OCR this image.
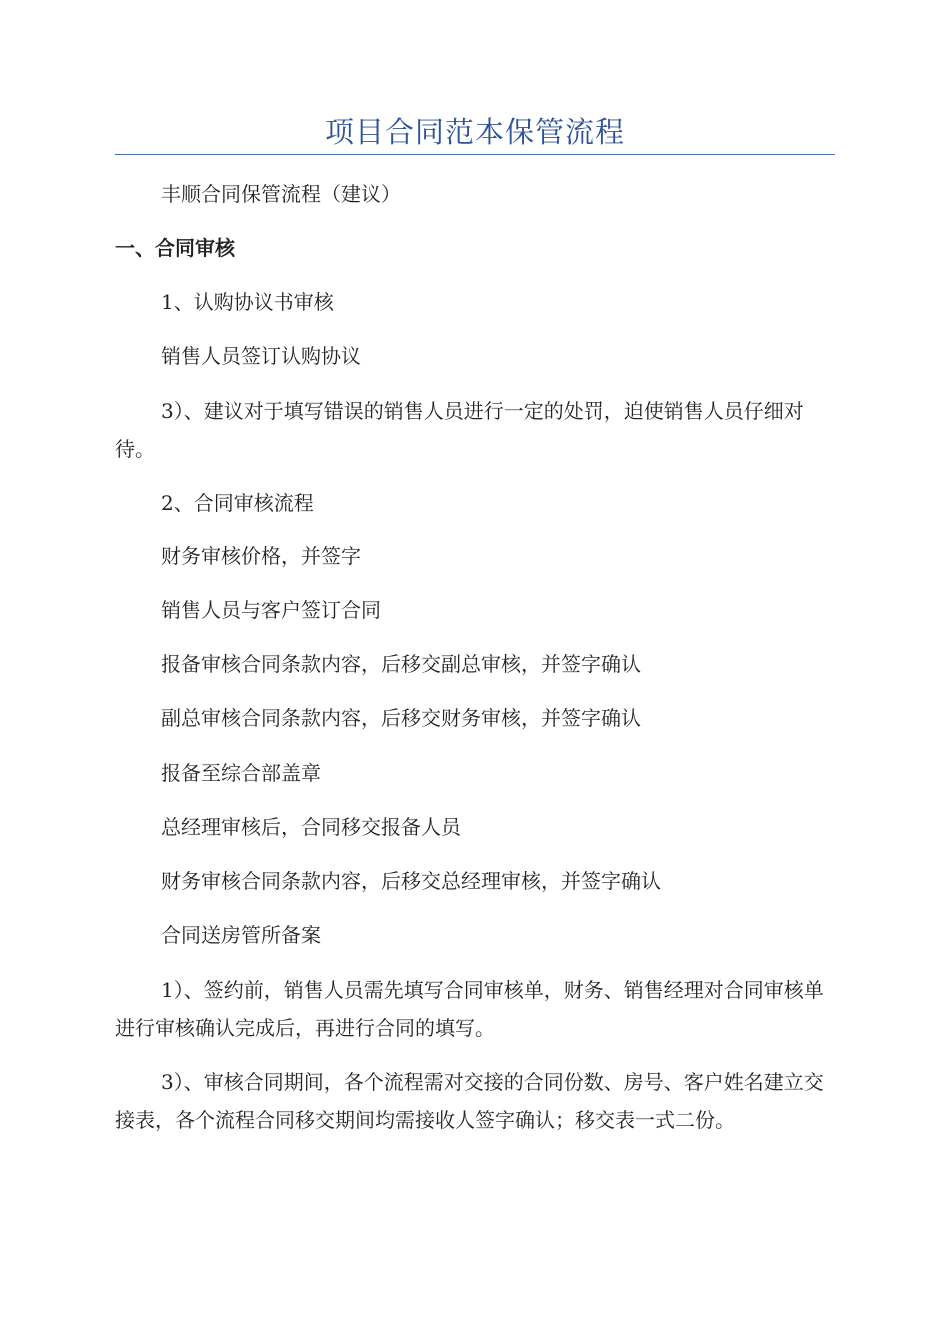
项目合同范本保管流程
丰顺合同保管流程（建议）
一、合同审核
1、认购协议书审核
销售人员签订认购协议
3）、建议对于填写错误的销售人员进行一定的处罚，迫使销售人员仔细对待。
2、合同审核流程
财务审核价格，并签字
销售人员与客户签订合同
报备审核合同条款内容，后移交副总审核，并签字确认
副总审核合同条款内容，后移交财务审核，并签字确认
报备至综合部盖章
总经理审核后，合同移交报备人员
财务审核合同条款内容，后移交总经理审核，并签字确认
合同送房管所备案
1）、签约前，销售人员需先填写合同审核单，财务、销售经理对合同审核单进行审核确认完成后，再进行合同的填写。
3）、审核合同期间，各个流程需对交接的合同份数、房号、客户姓名建立交接表，各个流程合同移交期间均需接收人签字确认；移交表一式二份。
